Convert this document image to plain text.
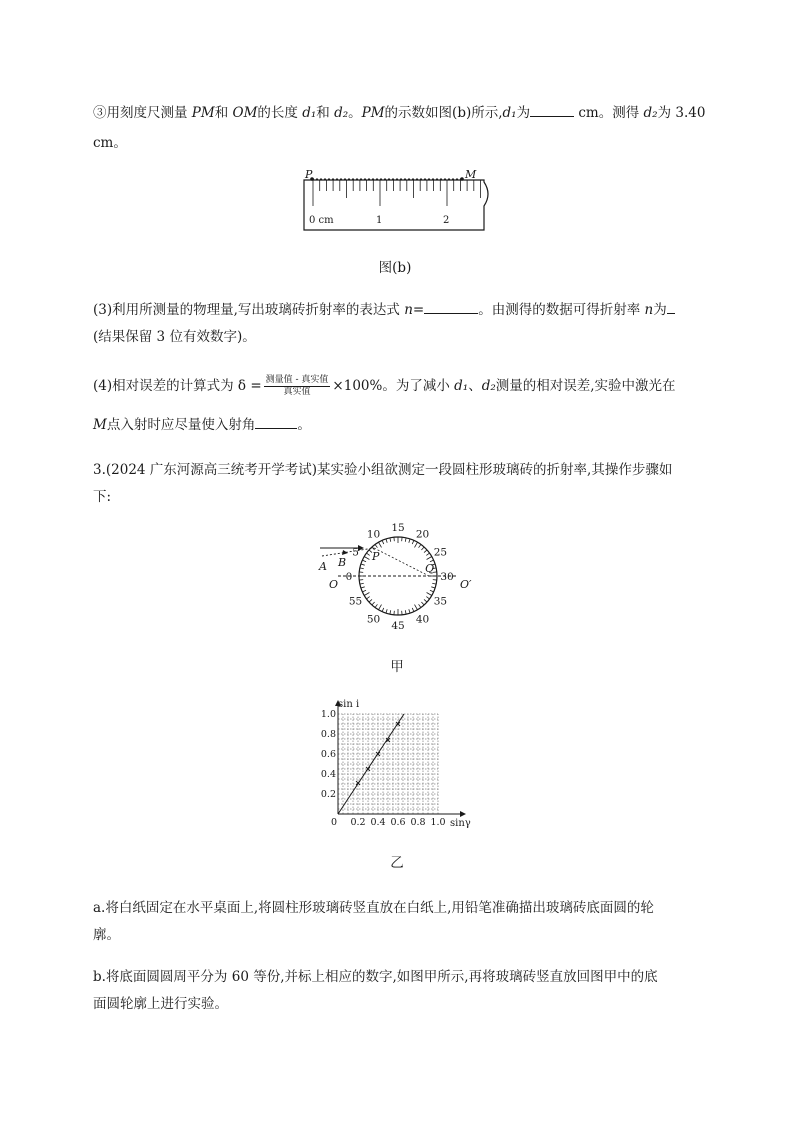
③用刻度尺测量 PM和 OM的长度 d₁和 d₂。PM的示数如图(b)所示,d₁为	cm。测得 d₂为 3.40
cm。
P	M
0 cm	1	2
图(b)
(3)利用所测量的物理量,写出玻璃砖折射率的表达式 n=	。由测得的数据可得折射率 n为
(结果保留 3 位有效数字)。
(4)相对误差的计算式为 $\delta = \frac{\text{测量值 - 真实值}}{\text{真实值}} \times 100\%$。为了减小 d₁、d₂测量的相对误差,实验中激光在
M点入射时应尽量使入射角	。
3.(2024 广东河源高三统考开学考试)某实验小组欲测定一段圆柱形玻璃砖的折射率,其操作步骤如
下:
A B P
Q
O	O′
0
5
10
15
20
25
30
35
40
45
50
55
甲
0 0.2 0.4 0.6 0.8 1.0
0.2
0.4
0.6
0.8
1.0
sin i
sinγ
乙
a.将白纸固定在水平桌面上,将圆柱形玻璃砖竖直放在白纸上,用铅笔准确描出玻璃砖底面圆的轮
廓。
b.将底面圆圆周平分为 60 等份,并标上相应的数字,如图甲所示,再将玻璃砖竖直放回图甲中的底
面圆轮廓上进行实验。
